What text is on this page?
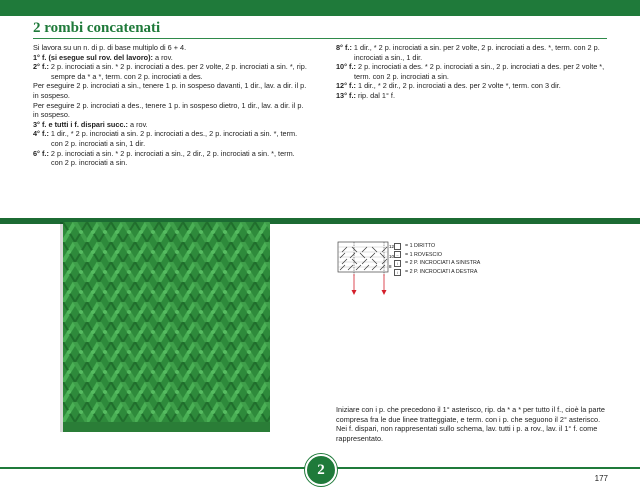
2 rombi concatenati

Si lavora su un n. di p. di base multiplo di 6 + 4.

1° f. (si esegue sul rov. del lavoro): a rov.

2° f.: 2 p. incrociati a sin. * 2 p. incrociati a des. per 2 volte, 2 p. incrociati a sin. *, rip. sempre da * a *, term. con 2 p. incrociati a des.

Per eseguire 2 p. incrociati a sin., tenere 1 p. in sospeso davanti, 1 dir., lav. a dir. il p. in sospeso.

Per eseguire 2 p. incrociati a des., tenere 1 p. in sospeso dietro, 1 dir., lav. a dir. il p. in sospeso.

3° f. e tutti i f. dispari succ.: a rov.

4° f.: 1 dir., * 2 p. incrociati a sin. 2 p. incrociati a des., 2 p. incrociati a sin. *, term. con 2 p. incrociati a sin, 1 dir.

6° f.: 2 p. incrociati a sin. * 2 p. incrociati a sin., 2 dir., 2 p. incrociati a sin. *, term. con 2 p. incrociati a sin.

8° f.: 1 dir., * 2 p. incrociati a sin. per 2 volte, 2 p. incrociati a des. *, term. con 2 p. incrociati a sin., 1 dir.

10° f.: 2 p. incrociati a des. * 2 p. incrociati a sin., 2 p. incrociati a des. per 2 volte *, term. con 2 p. incrociati a sin.

12° f.: 1 dir., * 2 dir., 2 p. incrociati a des. per 2 volte *, term. con 3 dir.

13° f.: rip. dal 1° f.

12
10
8
= 1 DIRITTO
–	= 1 ROVESCIO
\	= 2 P. INCROCIATI A SINISTRA
/	= 2 P. INCROCIATI A DESTRA

Iniziare con i p. che precedono il 1° asterisco, rip. da * a * per tutto il f., cioè la parte compresa fra le due linee tratteggiate, e term. con i p. che seguono il 2° asterisco. Nei f. dispari, non rappresentati sullo schema, lav. tutti i p. a rov., lav. il 1° f. come rappresentato.

2
177
